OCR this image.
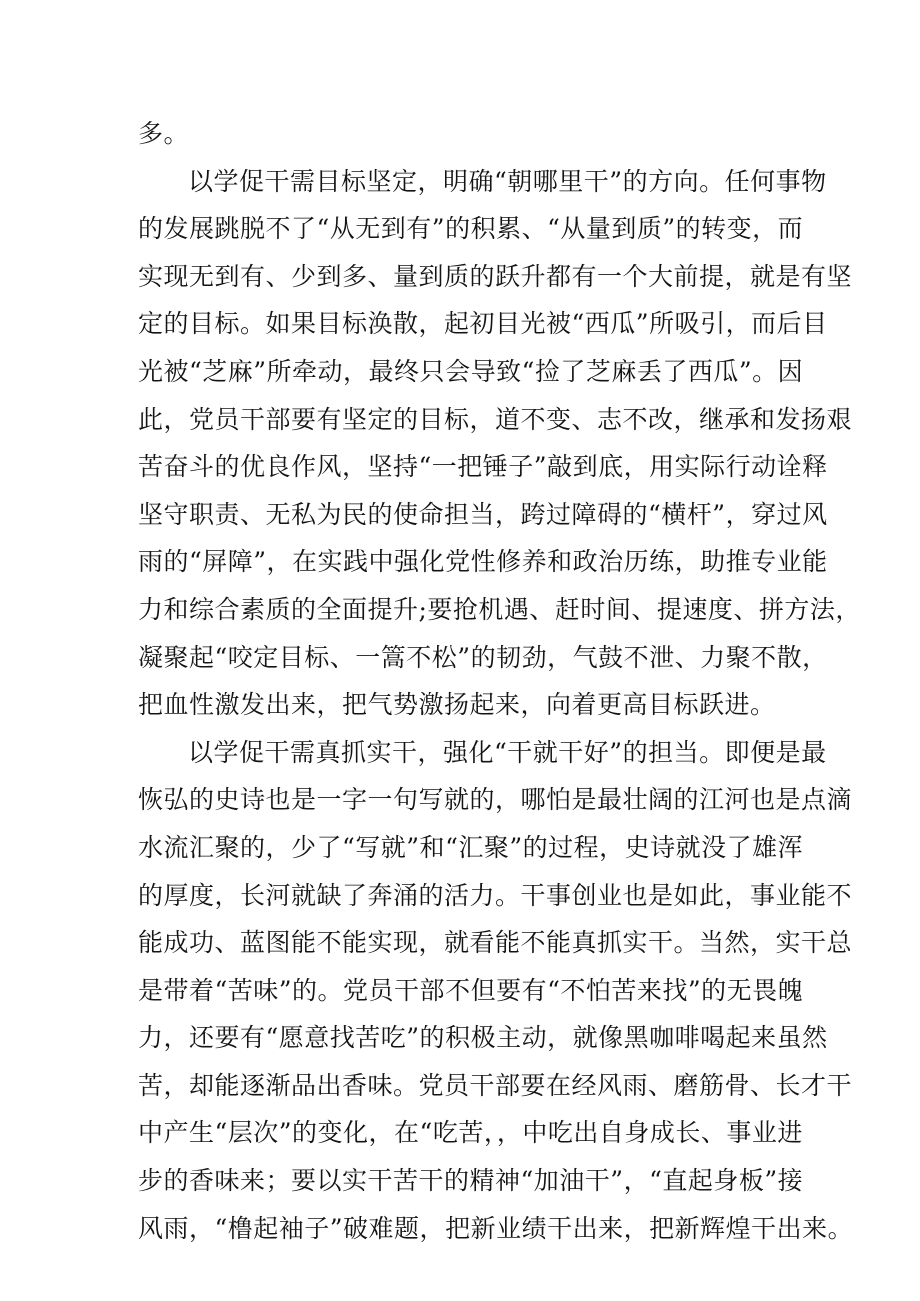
多。
以学促干需目标坚定，明确“朝哪里干”的方向。任何事物
的发展跳脱不了“从无到有”的积累、“从量到质”的转变，而
实现无到有、少到多、量到质的跃升都有一个大前提，就是有坚
定的目标。如果目标涣散，起初目光被“西瓜”所吸引，而后目
光被“芝麻”所牵动，最终只会导致“捡了芝麻丢了西瓜”。因
此，党员干部要有坚定的目标，道不变、志不改，继承和发扬艰
苦奋斗的优良作风，坚持“一把锤子”敲到底，用实际行动诠释
坚守职责、无私为民的使命担当，跨过障碍的“横杆”，穿过风
雨的“屏障”，在实践中强化党性修养和政治历练，助推专业能
力和综合素质的全面提升;要抢机遇、赶时间、提速度、拼方法，
凝聚起“咬定目标、一篙不松”的韧劲，气鼓不泄、力聚不散，
把血性激发出来，把气势激扬起来，向着更高目标跃进。
以学促干需真抓实干，强化“干就干好”的担当。即便是最
恢弘的史诗也是一字一句写就的，哪怕是最壮阔的江河也是点滴
水流汇聚的，少了“写就”和“汇聚”的过程，史诗就没了雄浑
的厚度，长河就缺了奔涌的活力。干事创业也是如此，事业能不
能成功、蓝图能不能实现，就看能不能真抓实干。当然，实干总
是带着“苦味”的。党员干部不但要有“不怕苦来找”的无畏魄
力，还要有“愿意找苦吃”的积极主动，就像黑咖啡喝起来虽然
苦，却能逐渐品出香味。党员干部要在经风雨、磨筋骨、长才干
中产生“层次”的变化，在“吃苦，，中吃出自身成长、事业进
步的香味来；要以实干苦干的精神“加油干”，“直起身板”接
风雨，“橹起袖子”破难题，把新业绩干出来，把新辉煌干出来。
